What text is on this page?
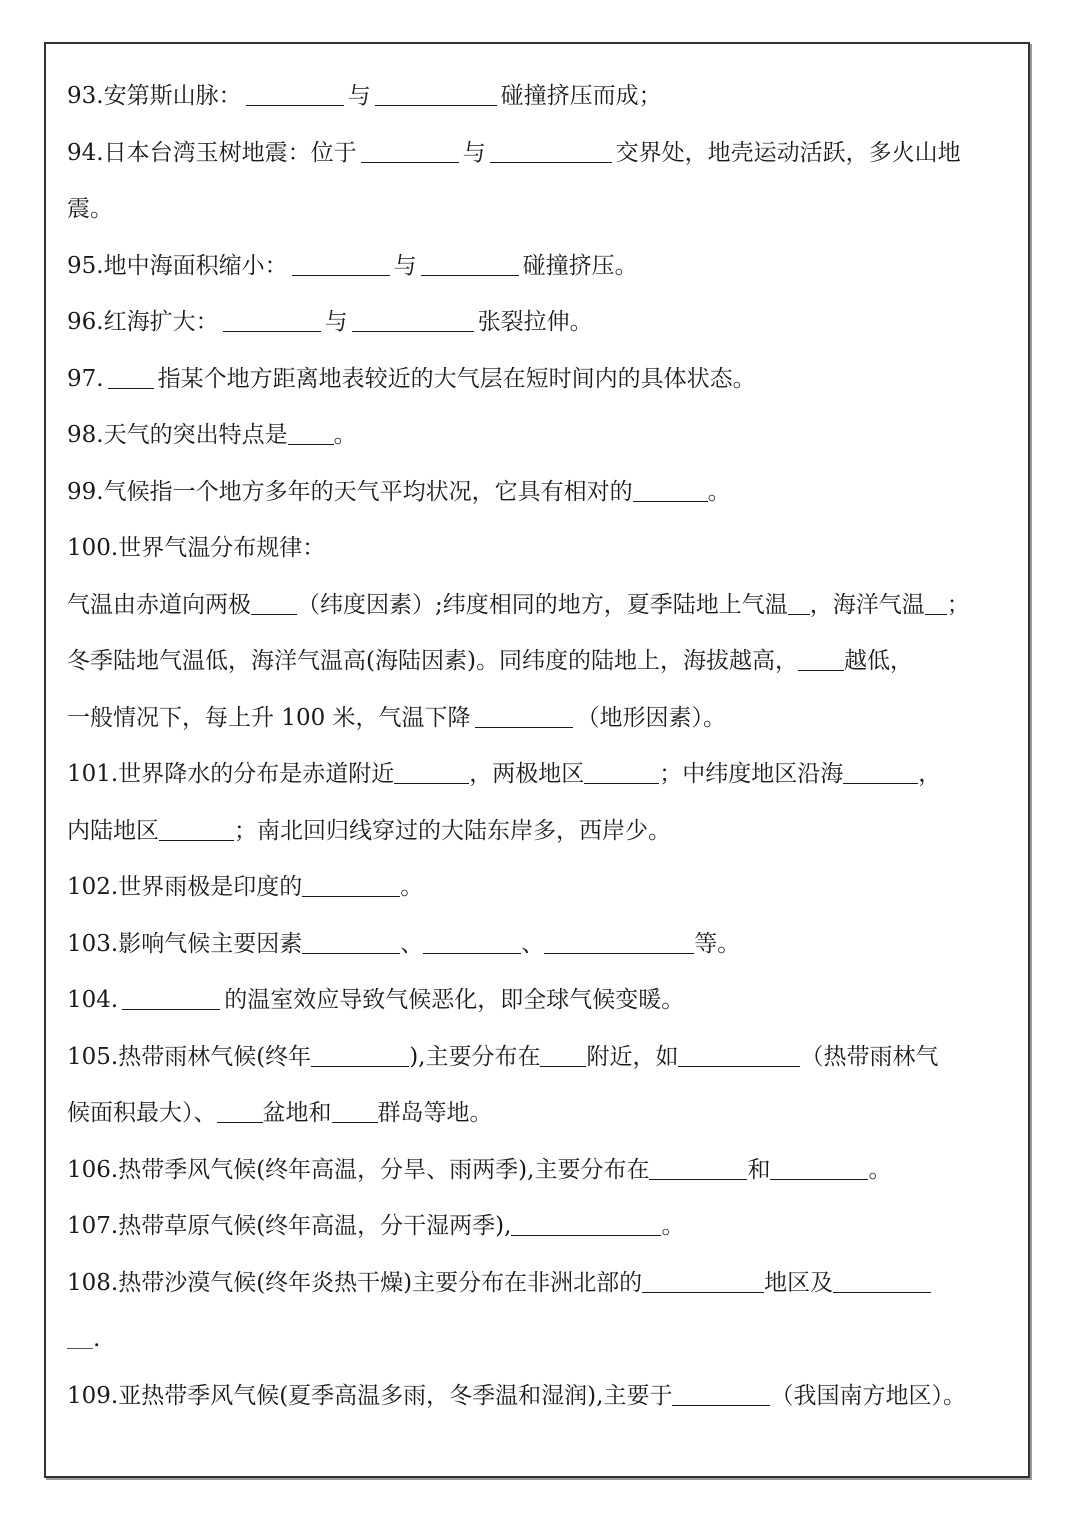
93.安第斯山脉：	与	碰撞挤压而成；
94.日本台湾玉树地震：位于	与	交界处，地壳运动活跃，多火山地
震。
95.地中海面积缩小：	与	碰撞挤压。
96.红海扩大：	与	张裂拉伸。
97. 指某个地方距离地表较近的大气层在短时间内的具体状态。
98.天气的突出特点是 。
99.气候指一个地方多年的天气平均状况，它具有相对的	。
100.世界气温分布规律：
气温由赤道向两极 （纬度因素）;纬度相同的地方，夏季陆地上气温 ，海洋气温 ；
冬季陆地气温低，海洋气温高(海陆因素)。同纬度的陆地上，海拔越高， 越低，
一般情况下，每上升 100 米，气温下降	（地形因素）。
101.世界降水的分布是赤道附近	，两极地区	；中纬度地区沿海	，
内陆地区	；南北回归线穿过的大陆东岸多，西岸少。
102.世界雨极是印度的	。
103.影响气候主要因素	、	、	等。
104.	的温室效应导致气候恶化，即全球气候变暖。
105.热带雨林气候(终年	),主要分布在 附近，如	（热带雨林气
候面积最大）、 盆地和 群岛等地。
106.热带季风气候(终年高温，分旱、雨两季),主要分布在	和	。
107.热带草原气候(终年高温，分干湿两季),	。
108.热带沙漠气候(终年炎热干燥)主要分布在非洲北部的	地区及
.
109.亚热带季风气候(夏季高温多雨，冬季温和湿润),主要于	（我国南方地区）。
